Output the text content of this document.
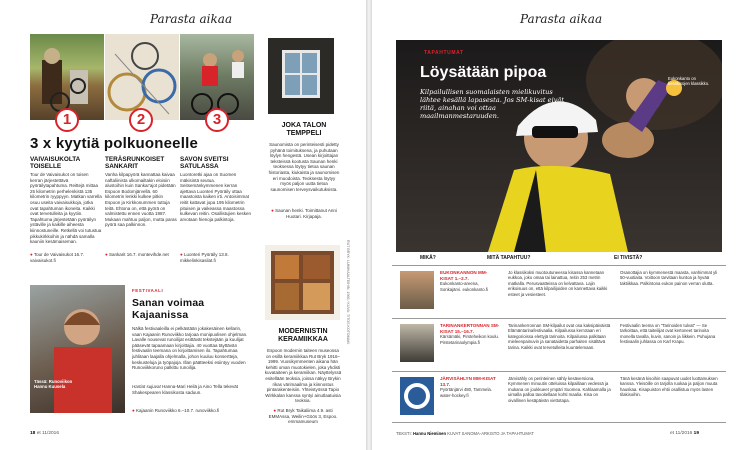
Parasta aikaa
1	2	3
3 x kyytiä polkuoneelle
VAIVAISUKOLTA TOISELLE
Tour de Vaivaisukot on toisen kerran järjestettävä pyöräilytapahtuma. Reittejä mittaa 25 kilometrin perhelenkistä 135 kilometrin ryyppyyn. Matkan varrella osuu useita vaivaisukkoja, jotka ovat tapahtuman ikoneita. Kaikki ovat tervetulleita ja kyytiin. Tapahtuma järjestetään pyöräilyn ystäville ja kaikille aiheesta kiinnostuneille. Retkellä voi tutustua pikkukirkkoihin ja nähdä samalla kauniin kesämaiseman.
● Tour de Vaivaisukot 16.7. vaivaisukot.fi
TERÄSRUNKOISET SANKARIT
Vanha kilpapyörä kannattaa kaivaa naftaliinista ulkomailtakin eloisiin alustoihin kuin Sankar'ajot pidetään Espoon Bodomjärvellä. 60 kilometrin lenkki kulkee pitkin Espoon ja Kirkkonummen tuttuja teitä. Ehtona on, että pyörä on valmistettu ennen vuotta 1987. Mukaan mahtuu paljon, mutta paras pyörä saa palkinnon.
● Sankarit 16.7. montevihde.net
SAVON SVEITSI SATULASSA
Luontoretki ajaa on Suomen mäkisintä seutua. Seitsemänkymmenen kerran ajettava Luonteri Pyöräily ottaa maastoista kaiken irti. Antoisimmat reitit kattavat jopa 195 kilometrin pituisen ja vaikeassa maastossa kulkevan reitin. Osallistujien kesken arvotaan hienoja palkintoja.
● Luonteri Pyöräily 13.8. mikkelinkisasilat.fi
JOKA TALON TEMPPELI
Saunomista on perinteisesti pidetty pyhänä toimituksena, ja puhutaan löylyn hengestä. Usean kirjoittajan teksteissä kootusta Saunan henki teoksessa löytyy tietoa saunan historiasta, kiukaista ja saunomisen eri muodoista. Teoksesta löytyy myös paljon uutta tietoa saunomisen terveysvaikutuksista.
● Saunan henki. Toimittanut Anni Huotari. Kirjapaja.
RUT BRYK: LUMIHAALTEIHIN, 1966 / KUVA: TITOS KOTOMAKI
MODERNISTIN KERAMIIKKAA
Espoon modernin taiteen museossa on esillä keramiikkaa Rut Bryk 1916–1999. Vuosikymmenten aikana hän kehitti oman muotokielen, joka yhdisti kuvataiteen ja keramiikan. Näyttelyssä esitellään teoksia, joissa näkyy Brykin rikas värimaailma ja kiinnostus pintarakenteisiin. Yhteistyössä Tapio Wirkkalan kanssa syntyi ainutlaatuisia teoksia.
● Rut Bryk Taikaliima 4.9. asti EMMAssa, Weilin+Göös 3, Espoo. emmamuseum
Tässä: Runoviikon Hannu Kuusela
FESTIVAALI
Sanan voimaa Kajaanissa
Nälkä festivaaleilla ei pelkästään jokakesäinen kellarin, vaan Kajaanin Runoviikko tarjoaa monipuolisen ohjelman. Lavalle nousevat runoilijat esittävät tekstejään ja kuulijat pääsevät tapaamaan kirjoittajia. 40 vuottaa täyttävän festivaalin teemana on kirjoittamisen ilo. Tapahtumaa juhlitaan laajalla ohjelmalla, johon kuuluu konsertteja, keskusteluja ja työpajoja. Illan päätteeksi esiintyy vuoden Runoviikkoruno palkittu runoilija.
Hartiat sujuvat Hanna-Mari Heilä ja Aino Tella tekevät Shakespearen klassikosta saduun.
● Kajaanin Runoviikko 6.–10.7. runoviikko.fi
18 et 11/2016
Parasta aikaa
TAPAHTUMAT
Löysätään pipoa
Kilpailullisen suomalaisten mielikuvitus lähtee kesällä lapasesta. Jos SM-kisat eivät riitä, ainahan voi ottaa maailmanmestaruuden.
Eukonkanto on kesäkisojen klassikko.
MIKÄ?	MITÄ TAPAHTUU?	EI TIVISTÄ?
EUKONKANNON MM-KISAT 1.–2.7.
Eukonkanto-areena, Sonkajärvi. eukonkanto.fi
Jo klassikoksi muotoutuneessa kisassa kannetaan eukkoa, joko omaa tai lainattua, reitin 253 metrin matkalla. Perusvaatteissa on kelvattava. Lajin erikoisuus on, että kilpailijoiden on kannettava kaikki esteet ja vesiesteet.
Osanottajia on kymmenestä maasta, vanhimmat yli 50-vuotiaita. Voittoon tarvitaan kuntoa ja hyvää taktiikkaa. Palkintona eukon painon verran olutta.
TARINANKERTONNAN SM-KISAT 15.–16.7.
Kärsämäki, Pirsteheikon koulu. Pirstetarinaolympia.fi
Tarinankerronnan SM-kilpailut ovat osa kaksipäiväistä Elämäntarinafestivaalia. Kilpailussa kerrotaan eri kategorioissa elettyjä tarinoita. Kilpailussa palkitaan mieleenpainuvin ja sanataidetta parhaiten sisältävä tarina. Kaikki ovat tervetulleita kuuntelemaan.
Festivaalin teema on "Tarinoiden tulvat" — Se tarkoittaa, että taiteilijat ovat kertoneet tarinoita monella tavalla, kuvin, sanoin ja liikkein. Puhujana festivaalin juhlassa on Karl Krapu.
JÄRVISÄHLYN MM-KISAT 13.7.
Pyörtänjärvi 480, Tammela. water-hockey.fi
Järvisähly on perinteinen sähly kesäversiona. Kymmenen minuutin otteluissa kilpaillaan vedessä ja mukana on joukkueet ympäri Suomea. Kahlaamalla ja uimalla palloa tavoitellaan kohti maalia. Kisa on oivallinen kesäpäivän viettotapa.
Tänä kesänä kisoihin saapuvat uudet luottamuksen kanssa. Yleisöille on tarjolla ruokaa ja paljon muuta hauskaa. Kisapuiston ehtii osallistua myös lasten tilakisoihin.
TEKSTI: Hannu Nieminen KUVAT SANOMA-ARKISTO JA TAPAHTUMAT	et 11/2016 19
